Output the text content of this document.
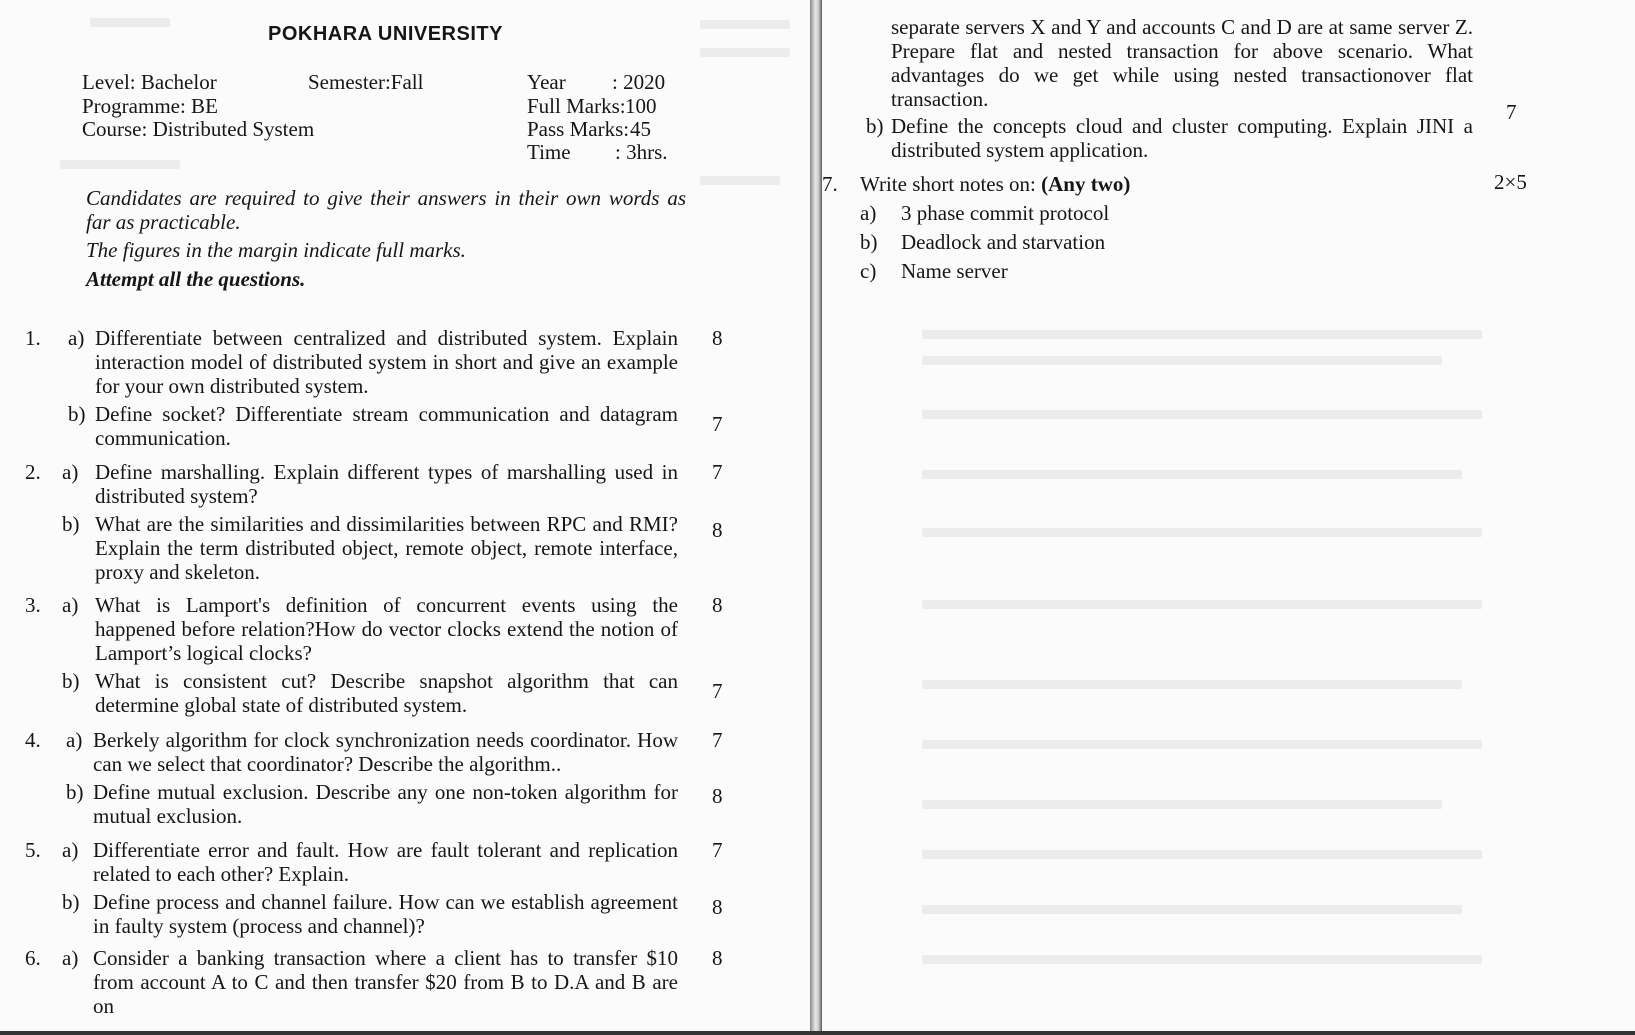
POKHARA UNIVERSITY
Level: Bachelor	Semester:Fall	Year : 2020
Programme: BE	Full Marks: 100
Course: Distributed System	Pass Marks: 45
Time : 3hrs.
Candidates are required to give their answers in their own words as far as practicable.
The figures in the margin indicate full marks.
Attempt all the questions.
1. a) Differentiate between centralized and distributed system. Explain interaction model of distributed system in short and give an example for your own distributed system.
8
b) Define socket? Differentiate stream communication and datagram communication.
7
2. a) Define marshalling. Explain different types of marshalling used in distributed system?
7
b) What are the similarities and dissimilarities between RPC and RMI? Explain the term distributed object, remote object, remote interface, proxy and skeleton.
8
3. a) What is Lamport's definition of concurrent events using the happened before relation?How do vector clocks extend the notion of Lamport’s logical clocks?
8
b) What is consistent cut? Describe snapshot algorithm that can determine global state of distributed system.
7
4. a) Berkely algorithm for clock synchronization needs coordinator. How can we select that coordinator? Describe the algorithm..
7
b) Define mutual exclusion. Describe any one non-token algorithm for mutual exclusion.
8
5. a) Differentiate error and fault. How are fault tolerant and replication related to each other? Explain.
7
b) Define process and channel failure. How can we establish agreement in faulty system (process and channel)?
8
6. a) Consider a banking transaction where a client has to transfer $10 from account A to C and then transfer $20 from B to D.A and B are on
8
separate servers X and Y and accounts C and D are at same server Z. Prepare flat and nested transaction for above scenario. What advantages do we get while using nested transactionover flat transaction.
7
b) Define the concepts cloud and cluster computing. Explain JINI a distributed system application.
7. Write short notes on: (Any two)	2×5
a) 3 phase commit protocol
b) Deadlock and starvation
c) Name server
